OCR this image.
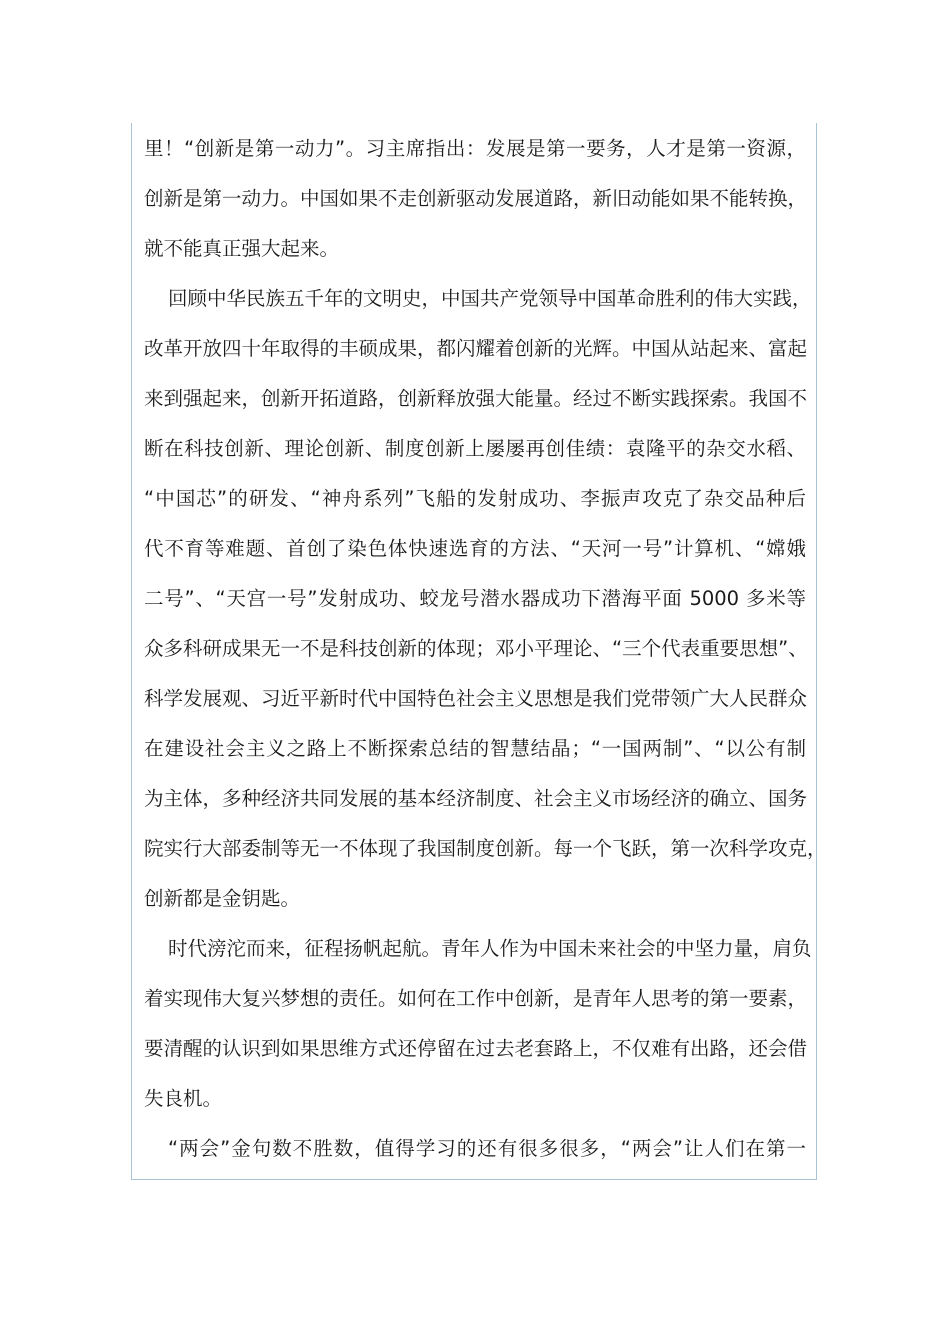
里！“创新是第一动力”。习主席指出：发展是第一要务，人才是第一资源，
创新是第一动力。中国如果不走创新驱动发展道路，新旧动能如果不能转换，
就不能真正强大起来。
回顾中华民族五千年的文明史，中国共产党领导中国革命胜利的伟大实践，
改革开放四十年取得的丰硕成果，都闪耀着创新的光辉。中国从站起来、富起
来到强起来，创新开拓道路，创新释放强大能量。经过不断实践探索。我国不
断在科技创新、理论创新、制度创新上屡屡再创佳绩：袁隆平的杂交水稻、
“中国芯”的研发、“神舟系列”飞船的发射成功、李振声攻克了杂交品种后
代不育等难题、首创了染色体快速选育的方法、“天河一号”计算机、“嫦娥
二号”、“天宫一号”发射成功、蛟龙号潜水器成功下潜海平面 5000 多米等
众多科研成果无一不是科技创新的体现；邓小平理论、“三个代表重要思想”、
科学发展观、习近平新时代中国特色社会主义思想是我们党带领广大人民群众
在建设社会主义之路上不断探索总结的智慧结晶；“一国两制”、“以公有制
为主体，多种经济共同发展的基本经济制度、社会主义市场经济的确立、国务
院实行大部委制等无一不体现了我国制度创新。每一个飞跃，第一次科学攻克，
创新都是金钥匙。
时代滂沱而来，征程扬帆起航。青年人作为中国未来社会的中坚力量，肩负
着实现伟大复兴梦想的责任。如何在工作中创新，是青年人思考的第一要素，
要清醒的认识到如果思维方式还停留在过去老套路上，不仅难有出路，还会借
失良机。
“两会”金句数不胜数，值得学习的还有很多很多，“两会”让人们在第一
